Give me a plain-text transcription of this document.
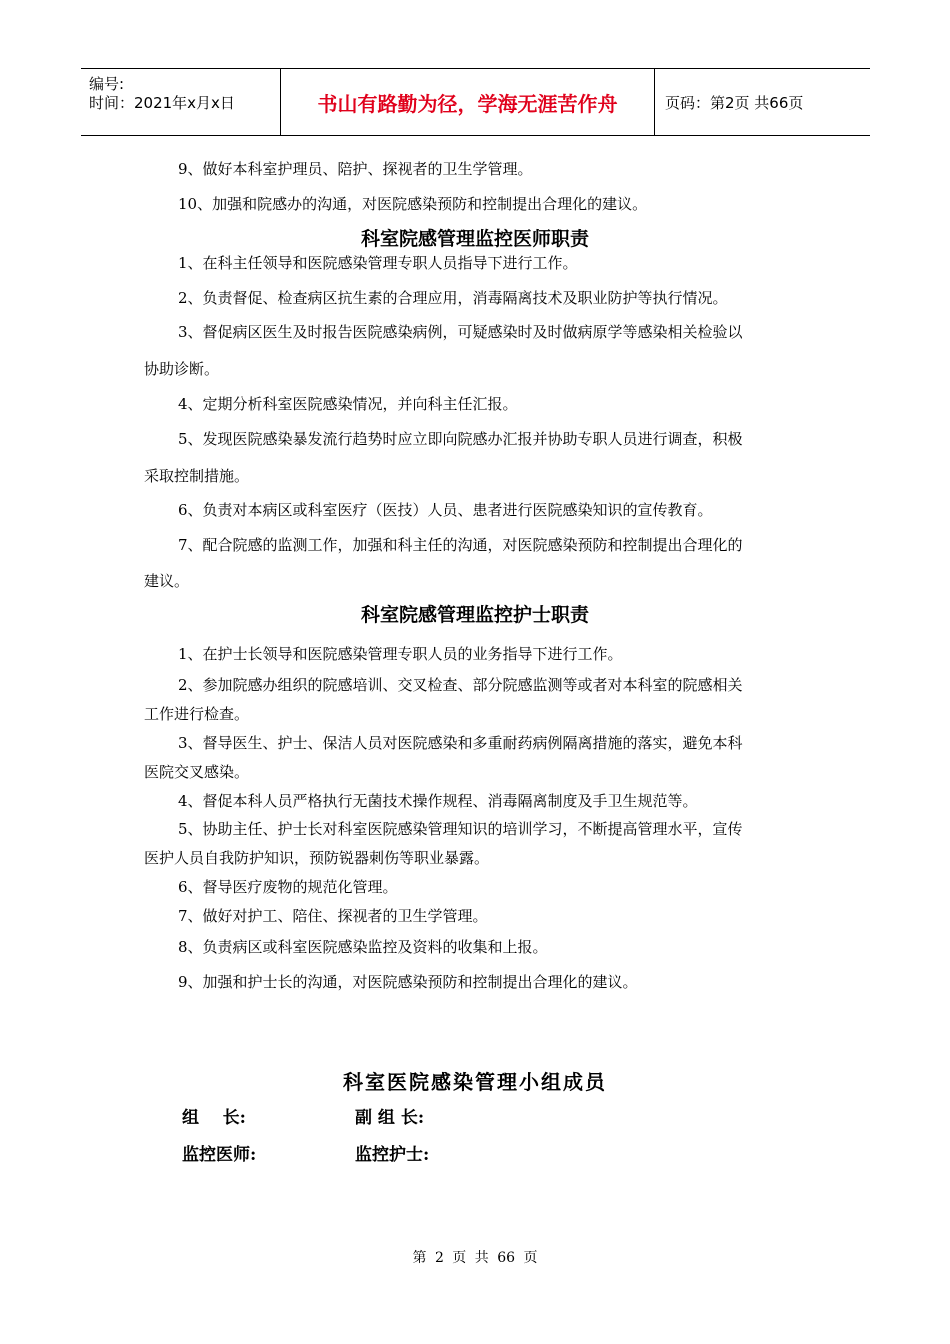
编号:
时间：2021年x月x日	书山有路勤为径，学海无涯苦作舟	页码：第2页 共66页
9、做好本科室护理员、陪护、探视者的卫生学管理。
10、加强和院感办的沟通，对医院感染预防和控制提出合理化的建议。
科室院感管理监控医师职责
1、在科主任领导和医院感染管理专职人员指导下进行工作。
2、负责督促、检查病区抗生素的合理应用，消毒隔离技术及职业防护等执行情况。
3、督促病区医生及时报告医院感染病例，可疑感染时及时做病原学等感染相关检验以
协助诊断。
4、定期分析科室医院感染情况，并向科主任汇报。
5、发现医院感染暴发流行趋势时应立即向院感办汇报并协助专职人员进行调查，积极
采取控制措施。
6、负责对本病区或科室医疗（医技）人员、患者进行医院感染知识的宣传教育。
7、配合院感的监测工作，加强和科主任的沟通，对医院感染预防和控制提出合理化的
建议。
科室院感管理监控护士职责
1、在护士长领导和医院感染管理专职人员的业务指导下进行工作。
2、参加院感办组织的院感培训、交叉检查、部分院感监测等或者对本科室的院感相关
工作进行检查。
3、督导医生、护士、保洁人员对医院感染和多重耐药病例隔离措施的落实，避免本科
医院交叉感染。
4、督促本科人员严格执行无菌技术操作规程、消毒隔离制度及手卫生规范等。
5、协助主任、护士长对科室医院感染管理知识的培训学习，不断提高管理水平，宣传
医护人员自我防护知识，预防锐器刺伤等职业暴露。
6、督导医疗废物的规范化管理。
7、做好对护工、陪住、探视者的卫生学管理。
8、负责病区或科室医院感染监控及资料的收集和上报。
9、加强和护士长的沟通，对医院感染预防和控制提出合理化的建议。
科室医院感染管理小组成员
组    长:	副 组 长:
监控医师:	监控护士:
第 2 页 共 66 页
